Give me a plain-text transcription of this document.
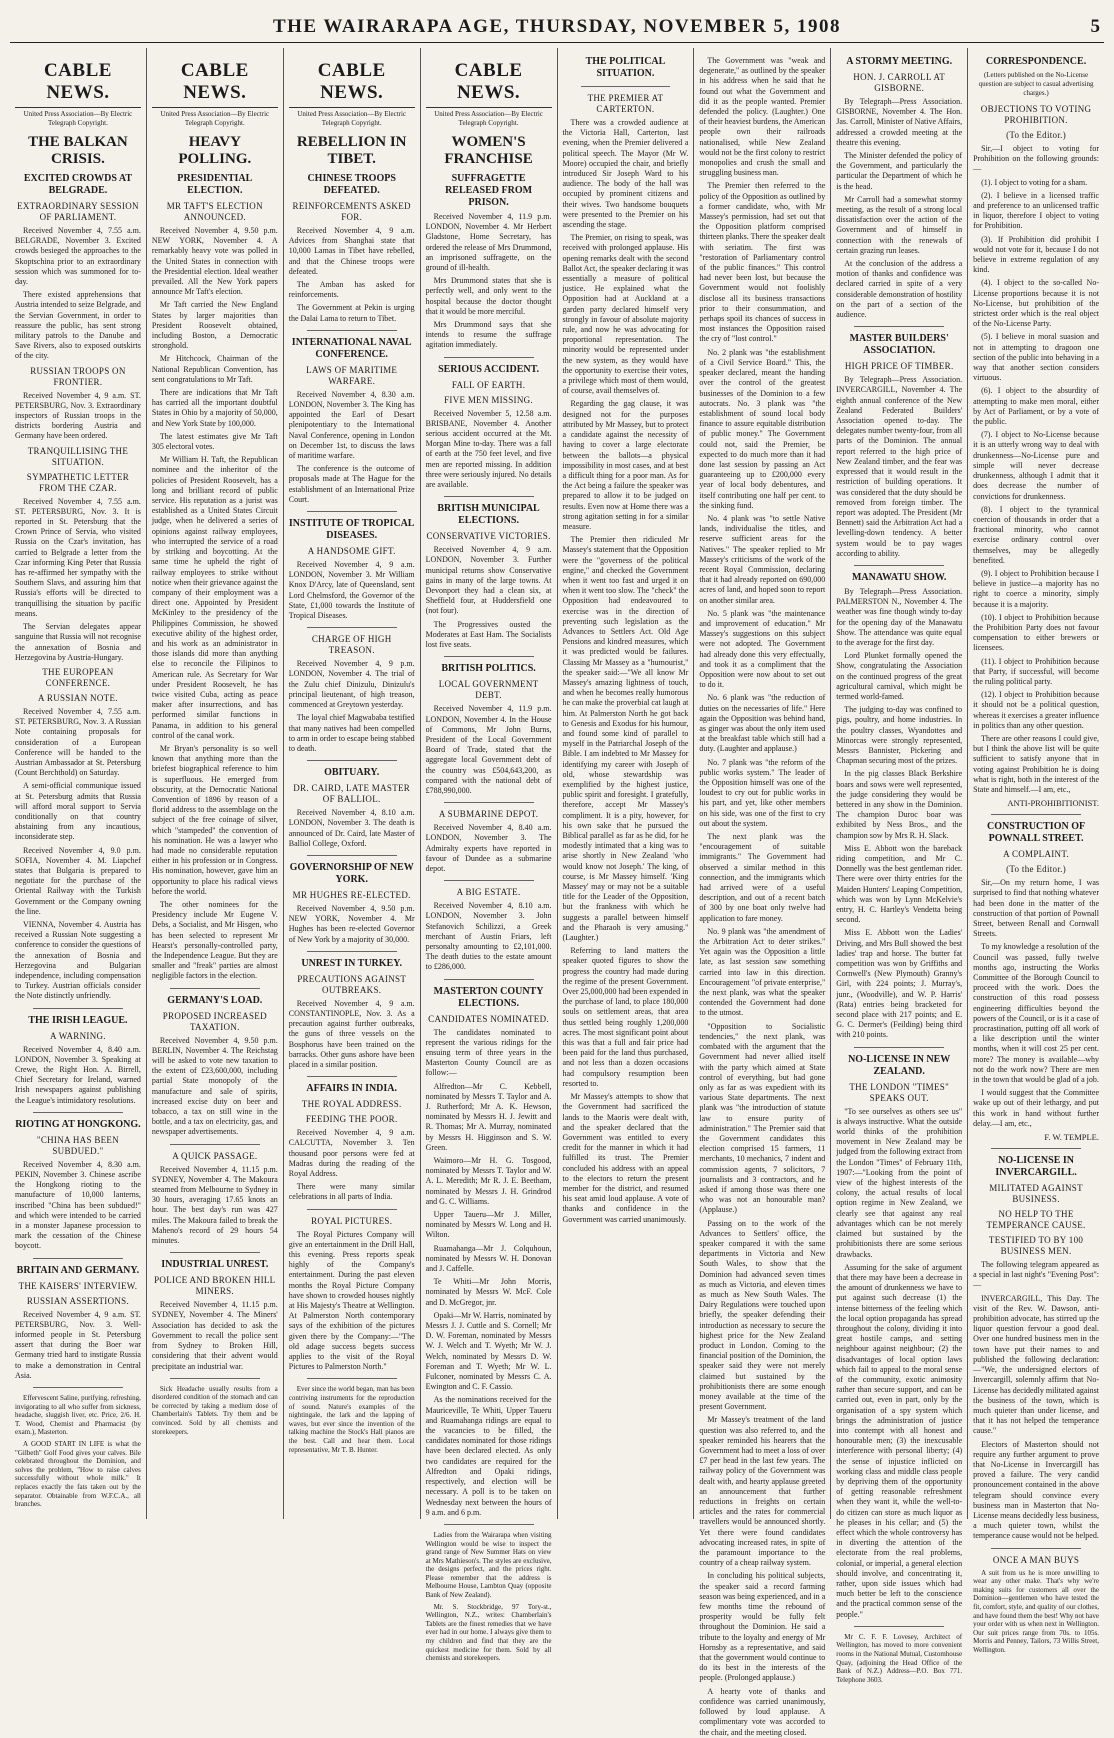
THE WAIRARAPA AGE, THURSDAY, NOVEMBER 5, 1908	5
CABLE NEWS.
United Press Association—By Electric Telegraph Copyright.
THE BALKAN CRISIS.
EXCITED CROWDS AT BELGRADE.
EXTRAORDINARY SESSION OF PARLIAMENT.

Received November 4, 7.55 a.m. BELGRADE, November 3. Excited crowds besieged the approaches to the Skoptschina prior to an extraordinary session which was summoned for to-day.

There existed apprehensions that Austria intended to seize Belgrade, and the Servian Government, in order to reassure the public, has sent strong military patrols to the Danube and Save Rivers, also to exposed outskirts of the city.

RUSSIAN TROOPS ON FRONTIER.

Received November 4, 9 a.m. ST. PETERSBURG, Nov. 3. Extraordinary inspectors of Russian troops in the districts bordering Austria and Germany have been ordered.

TRANQUILLISING THE SITUATION.
SYMPATHETIC LETTER FROM THE CZAR.

Received November 4, 7.55 a.m. ST. PETERSBURG, Nov. 3. It is reported in St. Petersburg that the Crown Prince of Servia, who visited Russia on the Czar's invitation, has carried to Belgrade a letter from the Czar informing King Peter that Russia has re-affirmed her sympathy with the Southern Slavs, and assuring him that Russia's efforts will be directed to tranquillising the situation by pacific means.

The Servian delegates appear sanguine that Russia will not recognise the annexation of Bosnia and Herzegovina by Austria-Hungary.

THE EUROPEAN CONFERENCE.
A RUSSIAN NOTE.

Received November 4, 7.55 a.m. ST. PETERSBURG, Nov. 3. A Russian Note containing proposals for consideration of a European Conference will be handed to the Austrian Ambassador at St. Petersburg (Count Berchthold) on Saturday.

A semi-official communique issued at St. Petersburg admits that Russia will afford moral support to Servia conditionally on that country abstaining from any incautious, inconsiderate step.

Received November 4, 9.0 p.m. SOFIA, November 4. M. Liapchef states that Bulgaria is prepared to negotiate for the purchase of the Oriental Railway with the Turkish Government or the Company owning the line.

VIENNA, November 4. Austria has received a Russian Note suggesting a conference to consider the questions of the annexation of Bosnia and Herzegovina and Bulgarian independence, including compensation to Turkey. Austrian officials consider the Note distinctly unfriendly.

THE IRISH LEAGUE.
A WARNING.

Received November 4, 8.40 a.m. LONDON, November 3. Speaking at Crewe, the Right Hon. A. Birrell, Chief Secretary for Ireland, warned Irish newspapers against publishing the League's intimidatory resolutions.

RIOTING AT HONGKONG.
"CHINA HAS BEEN SUBDUED."

Received November 4, 8.30 a.m. PEKIN, November 3. Chinese ascribe the Hongkong rioting to the manufacture of 10,000 lanterns, inscribed "China has been subdued!" and which were intended to be carried in a monster Japanese procession to mark the cessation of the Chinese boycott.

BRITAIN AND GERMANY.
THE KAISERS' INTERVIEW.
RUSSIAN ASSERTIONS.

Received November 4, 9 a.m. ST. PETERSBURG, Nov. 3. Well-informed people in St. Petersburg assert that during the Boer war Germany tried hard to instigate Russia to make a demonstration in Central Asia.

Effervescent Saline, purifying, refreshing, invigorating to all who suffer from sickness, headache, sluggish liver, etc. Price, 2/6. H. T. Wood, Chemist and Pharmacist (by exam.), Masterton.

A GOOD START IN LIFE is what the "Gilbeth" Golf Food gives your calves. Bile celebrated throughout the Dominion, and solves the problem, "How to raise calves successfully without whole milk." It replaces exactly the fats taken out by the separator. Obtainable from W.F.C.A., all branches.

CABLE NEWS.
United Press Association—By Electric Telegraph Copyright.
HEAVY POLLING.
PRESIDENTIAL ELECTION.
MR TAFT'S ELECTION ANNOUNCED.

Received November 4, 9.50 p.m. NEW YORK, November 4. A remarkably heavy vote was polled in the United States in connection with the Presidential election. Ideal weather prevailed. All the New York papers announce Mr Taft's election.

Mr Taft carried the New England States by larger majorities than President Roosevelt obtained, including Boston, a Democratic stronghold.

Mr Hitchcock, Chairman of the National Republican Convention, has sent congratulations to Mr Taft.

There are indications that Mr Taft has carried all the important doubtful States in Ohio by a majority of 50,000, and New York State by 100,000.

The latest estimates give Mr Taft 305 electoral votes.

Mr William H. Taft, the Republican nominee and the inheritor of the policies of President Roosevelt, has a long and brilliant record of public service. His reputation as a jurist was established as a United States Circuit judge, when he delivered a series of opinions against railway employees, who interrupted the service of a road by striking and boycotting. At the same time he upheld the right of railway employees to strike without notice when their grievance against the company of their employment was a direct one. Appointed by President McKinley to the presidency of the Philippines Commission, he showed executive ability of the highest order, and his work as an administrator in those islands did more than anything else to reconcile the Filipinos to American rule. As Secretary for War under President Roosevelt, he has twice visited Cuba, acting as peace maker after insurrections, and has performed similar functions in Panama, in addition to his general control of the canal work.

Mr Bryan's personality is so well known that anything more than the briefest biographical reference to him is superfluous. He emerged from obscurity, at the Democratic National Convention of 1896 by reason of a florid address to the assemblage on the subject of the free coinage of silver, which "stampeded" the convention of his nomination. He was a lawyer who had made no considerable reputation either in his profession or in Congress. His nomination, however, gave him an opportunity to place his radical views before the world.

The other nominees for the Presidency include Mr Eugene V. Debs, a Socialist, and Mr Hisgen, who has been selected to represent Mr Hearst's personally-controlled party, the Independence League. But they are smaller and "freak" parties are almost negligible factors in the election.

GERMANY'S LOAD.
PROPOSED INCREASED TAXATION.

Received November 4, 9.50 p.m. BERLIN, November 4. The Reichstag will be asked to vote new taxation to the extent of £23,600,000, including partial State monopoly of the manufacture and sale of spirits, increased excise duty on beer and tobacco, a tax on still wine in the bottle, and a tax on electricity, gas, and newspaper advertisements.

A QUICK PASSAGE.

Received November 4, 11.15 p.m. SYDNEY, November 4. The Makoura steamed from Melbourne to Sydney in 30 hours, averaging 17.65 knots an hour. The best day's run was 427 miles. The Makoura failed to break the Maheno's record of 29 hours 54 minutes.

INDUSTRIAL UNREST.
POLICE AND BROKEN HILL MINERS.

Received November 4, 11.15 p.m. SYDNEY, November 4. The Miners' Association has decided to ask the Government to recall the police sent from Sydney to Broken Hill, considering that their advent would precipitate an industrial war.

Sick Headache usually results from a disordered condition of the stomach and can be corrected by taking a medium dose of Chamberlain's Tablets. Try them and be convinced. Sold by all chemists and storekeepers.

CABLE NEWS.
United Press Association—By Electric Telegraph Copyright.
REBELLION IN TIBET.
CHINESE TROOPS DEFEATED.
REINFORCEMENTS ASKED FOR.

Received November 4, 9 a.m. Advices from Shanghai state that 10,000 Lamas in Tibet have rebelled, and that the Chinese troops were defeated.

The Amban has asked for reinforcements.

The Government at Pekin is urging the Dalai Lama to return to Tibet.

INTERNATIONAL NAVAL CONFERENCE.
LAWS OF MARITIME WARFARE.

Received November 4, 8.30 a.m. LONDON, November 3. The King has appointed the Earl of Desart plenipotentiary to the International Naval Conference, opening in London on December 1st, to discuss the laws of maritime warfare.

The conference is the outcome of proposals made at The Hague for the establishment of an International Prize Court.

INSTITUTE OF TROPICAL DISEASES.
A HANDSOME GIFT.

Received November 4, 9 a.m. LONDON, November 3. Mr William Knox D'Arcy, late of Queensland, sent Lord Chelmsford, the Governor of the State, £1,000 towards the Institute of Tropical Diseases.

CHARGE OF HIGH TREASON.

Received November 4, 9 p.m. LONDON, November 4. The trial of the Zulu chief Dinizulu, Dinizulu's principal lieutenant, of high treason, commenced at Greytown yesterday.

The loyal chief Magwababa testified that many natives had been compelled to arm in order to escape being stabbed to death.

OBITUARY.
DR. CAIRD, LATE MASTER OF BALLIOL.

Received November 4, 8.10 a.m. LONDON, November 3. The death is announced of Dr. Caird, late Master of Balliol College, Oxford.

GOVERNORSHIP OF NEW YORK.
MR HUGHES RE-ELECTED.

Received November 4, 9.50 p.m. NEW YORK, November 4. Mr Hughes has been re-elected Governor of New York by a majority of 30,000.

UNREST IN TURKEY.
PRECAUTIONS AGAINST OUTBREAKS.

Received November 4, 9 a.m. CONSTANTINOPLE, Nov. 3. As a precaution against further outbreaks, the guns of three vessels on the Bosphorus have been trained on the barracks. Other guns ashore have been placed in a similar position.

AFFAIRS IN INDIA.
THE ROYAL ADDRESS.
FEEDING THE POOR.

Received November 4, 9 a.m. CALCUTTA, November 3. Ten thousand poor persons were fed at Madras during the reading of the Royal Address.

There were many similar celebrations in all parts of India.

ROYAL PICTURES.

The Royal Pictures Company will give an entertainment in the Drill Hall, this evening. Press reports speak highly of the Company's entertainment. During the past eleven months the Royal Picture Company have shown to crowded houses nightly at His Majesty's Theatre at Wellington. At Palmerston North contemporary says of the exhibition of the pictures given there by the Company:—"The old adage success begets success applies to the visit of the Royal Pictures to Palmerston North."

Ever since the world began, man has been contriving instruments for the reproduction of sound. Nature's examples of the nightingale, the lark and the lapping of waves, but ever since the invention of the talking machine the Stock's Hall pianos are the best. Call and hear them. Local representative, Mr T. B. Hunter.

CABLE NEWS.
United Press Association—By Electric Telegraph Copyright.
WOMEN'S FRANCHISE
SUFFRAGETTE RELEASED FROM PRISON.

Received November 4, 11.9 p.m. LONDON, November 4. Mr Herbert Gladstone, Home Secretary, has ordered the release of Mrs Drummond, an imprisoned suffragette, on the ground of ill-health.

Mrs Drummond states that she is perfectly well, and only went to the hospital because the doctor thought that it would be more merciful.

Mrs Drummond says that she intends to resume the suffrage agitation immediately.

SERIOUS ACCIDENT.
FALL OF EARTH.
FIVE MEN MISSING.

Received November 5, 12.58 a.m. BRISBANE, November 4. Another serious accident occurred at the Mt. Morgan Mine to-day. There was a fall of earth at the 750 feet level, and five men are reported missing. In addition three were seriously injured. No details are available.

BRITISH MUNICIPAL ELECTIONS.
CONSERVATIVE VICTORIES.

Received November 4, 9 a.m. LONDON, November 3. Further municipal returns show Conservative gains in many of the large towns. At Devonport they had a clean six, at Sheffield four, at Huddersfield one (not four).

The Progressives ousted the Moderates at East Ham. The Socialists lost five seats.

BRITISH POLITICS.
LOCAL GOVERNMENT DEBT.

Received November 4, 11.9 p.m. LONDON, November 4. In the House of Commons, Mr John Burns, President of the Local Government Board of Trade, stated that the aggregate local Government debt of the country was £504,643,200, as compared with the national debt of £788,990,000.

A SUBMARINE DEPOT.

Received November 4, 8.40 a.m. LONDON, November 3. The Admiralty experts have reported in favour of Dundee as a submarine depot.

A BIG ESTATE.

Received November 4, 8.10 a.m. LONDON, November 3. John Stefanovich Schilizzi, a Greek merchant of Austin Friars, left personalty amounting to £2,101,000. The death duties to the estate amount to £286,000.

MASTERTON COUNTY ELECTIONS.
CANDIDATES NOMINATED.

The candidates nominated to represent the various ridings for the ensuing term of three years in the Masterton County Council are as follow:—

Alfredton—Mr C. Kebbell, nominated by Messrs T. Taylor and A. J. Rutherford; Mr A. K. Hewson, nominated by Messrs H. J. Jewitt and R. Thomas; Mr A. Murray, nominated by Messrs H. Higginson and S. W. Green.

Waimoro—Mr H. G. Tosgood, nominated by Messrs T. Taylor and W. A. L. Meredith; Mr R. J. E. Beetham, nominated by Messrs J. H. Grindrod and G. C. Williams.

Upper Taueru—Mr J. Miller, nominated by Messrs W. Long and H. Wilton.

Ruamahanga—Mr J. Colquhoun, nominated by Messrs W. H. Donovan and J. Caffelle.

Te Whiti—Mr John Morris, nominated by Messrs W. McF. Cole and D. McGregor, jnr.

Opaki—Mr W. Harris, nominated by Messrs J. J. Cuttle and S. Cornell; Mr D. W. Foreman, nominated by Messrs W. J. Welch and T. Wyeth; Mr W. J. Welch, nominated by Messrs D. W. Foreman and T. Wyeth; Mr W. L. Fulconer, nominated by Messrs C. A. Ewington and C. F. Cassio.

As the nominations received for the Mauriceville, Te Whiti, Upper Taueru and Ruamahanga ridings are equal to the vacancies to be filled, the candidates nominated for those ridings have been declared elected. As only two candidates are required for the Alfredton and Opaki ridings, respectively, and election will be necessary. A poll is to be taken on Wednesday next between the hours of 9 a.m. and 6 p.m.

Ladies from the Wairarapa when visiting Wellington would be wise to inspect the grand range of New Summer Hats on view at Mrs Mathieson's. The styles are exclusive, the designs perfect, and the prices right. Please remember that the address is Melbourne House, Lambton Quay (opposite Bank of New Zealand).

Mr. S. Stockbridge, 97 Tory-st., Wellington, N.Z., writes: Chamberlain's Tablets are the finest remedies that we have ever had in our home. I always give them to my children and find that they are the quickest medicine for them. Sold by all chemists and storekeepers.

THE POLITICAL SITUATION.
THE PREMIER AT CARTERTON.

There was a crowded audience at the Victoria Hall, Carterton, last evening, when the Premier delivered a political speech. The Mayor (Mr W. Moore) occupied the chair, and briefly introduced Sir Joseph Ward to his audience. The body of the hall was occupied by prominent citizens and their wives. Two handsome bouquets were presented to the Premier on his ascending the stage.

The Premier, on rising to speak, was received with prolonged applause. His opening remarks dealt with the second Ballot Act, the speaker declaring it was essentially a measure of political justice. He explained what the Opposition had at Auckland at a garden party declared himself very strongly in favour of absolute majority rule, and now he was advocating for proportional representation. The minority would be represented under the new system, as they would have the opportunity to exercise their votes, a privilege which most of them would, of course, avail themselves of.

Regarding the gag clause, it was designed not for the purposes attributed by Mr Massey, but to protect a candidate against the necessity of having to cover a large electorate between the ballots—a physical impossibility in most cases, and at best a difficult thing for a poor man. As for the Act being a failure the speaker was prepared to allow it to be judged on results. Even now at Home there was a strong agitation setting in for a similar measure.

The Premier then ridiculed Mr Massey's statement that the Opposition were the "governess of the political engine," and checked the Government when it went too fast and urged it on when it went too slow. The "check" the Opposition had endeavoured to exercise was in the direction of preventing such legislation as the Advances to Settlers Act. Old Age Pensions and kindred measures, which it was predicted would be failures. Classing Mr Massey as a "humourist," the speaker said:—"We all know Mr Massey's amazing lightness of touch, and when he becomes really humorous he can make the proverbial cat laugh at him. At Palmerston North he got back to Genesis and Exodus for his humour, and found some kind of parallel to myself in the Patriarchal Joseph of the Bible. I am indebted to Mr Massey for identifying my career with Joseph of old, whose stewardship was exemplified by the highest justice, public spirit and foresight. I gratefully, therefore, accept Mr Massey's compliment. It is a pity, however, for his own sake that he pursued the Biblical parallel as far as he did, for he modestly intimated that a king was to arise shortly in New Zealand 'who would know not Joseph.' The king, of course, is Mr Massey himself. 'King Massey' may or may not be a suitable title for the Leader of the Opposition, but the frankness with which he suggests a parallel between himself and the Pharaoh is very amusing." (Laughter.)

Referring to land matters the speaker quoted figures to show the progress the country had made during the regime of the present Government. Over 25,000,000 had been expended in the purchase of land, to place 180,000 souls on settlement areas, that area thus settled being roughly 1,200,000 acres. The most significant point about this was that a full and fair price had been paid for the land thus purchased, and not less than a dozen occasions had compulsory resumption been resorted to.

Mr Massey's attempts to show that the Government had sacrificed the lands to the Maoris were dealt with, and the speaker declared that the Government was entitled to every credit for the manner in which it had fulfilled its trust. The Premier concluded his address with an appeal to the electors to return the present member for the district, and resumed his seat amid loud applause. A vote of thanks and confidence in the Government was carried unanimously.

The Government was "weak and degenerate," as outlined by the speaker in his address when he said that he found out what the Government and did it as the people wanted. Premier defended the policy. (Laughter.) One of their heaviest burdens, the American people own their railroads nationalised, while New Zealand would not be the first colony to restrict monopolies and crush the small and struggling business man.

The Premier then referred to the policy of the Opposition as outlined by a former candidate, who, with Mr Massey's permission, had set out that the Opposition platform comprised thirteen planks. There the speaker dealt with seriatim. The first was "restoration of Parliamentary control of the public finances." This control had never been lost, but because the Government would not foolishly disclose all its business transactions prior to their consummation, and perhaps spoil its chances of success in most instances the Opposition raised the cry of "lost control."

No. 2 plank was "the establishment of a Civil Service Board." This, the speaker declared, meant the handing over the control of the greatest businesses of the Dominion to a few autocrats. No. 3 plank was "the establishment of sound local body finance to assure equitable distribution of public money." The Government could not, said the Premier, be expected to do much more than it had done last session by passing an Act guaranteeing up to £200,000 every year of local body debentures, and itself contributing one half per cent. to the sinking fund.

No. 4 plank was "to settle Native lands, individualise the titles, and reserve sufficient areas for the Natives." The speaker replied to Mr Massey's criticisms of the work of the recent Royal Commission, declaring that it had already reported on 690,000 acres of land, and hoped soon to report on another similar area.

No. 5 plank was "the maintenance and improvement of education." Mr Massey's suggestions on this subject were not adopted. The Government had already done this very effectually, and took it as a compliment that the Opposition were now about to set out to do it.

No. 6 plank was "the reduction of duties on the necessaries of life." Here again the Opposition was behind hand, as ginger was about the only item used at the breakfast table which still had a duty. (Laughter and applause.)

No. 7 plank was "the reform of the public works system." The leader of the Opposition himself was one of the loudest to cry out for public works in his part, and yet, like other members on his side, was one of the first to cry out about the system.

The next plank was the "encouragement of suitable immigrants." The Government had observed a similar method in this connection, and the immigrants which had arrived were of a useful description, and out of a recent batch of 300 by one boat only twelve had application to fare money.

No. 9 plank was "the amendment of the Arbitration Act to deter strikes." Yet again was the Opposition a little late, as last session saw something carried into law in this direction. Encouragement "of private enterprise," the next plank, was what the speaker contended the Government had done to the utmost.

"Opposition to Socialistic tendencies," the next plank, was combated with the argument that the Government had never allied itself with the party which aimed at State control of everything, but had gone only as far as was expedient with its various State departments. The next plank was "the introduction of statute law to ensure purity of administration." The Premier said that the Government candidates this election comprised 15 farmers, 11 merchants, 10 mechanics, 7 indent and commission agents, 7 solicitors, 7 journalists and 3 contractors, and he asked if among those was there one who was not an honourable man? (Applause.)

Passing on to the work of the Advances to Settlers' office, the speaker compared it with the same departments in Victoria and New South Wales, to show that the Dominion had advanced seven times as much as Victoria, and eleven times as much as New South Wales. The Dairy Regulations were touched upon briefly, the speaker defending their introduction as necessary to secure the highest price for the New Zealand product in London. Coming to the financial position of the Dominion, the speaker said they were not merely claimed but sustained by the prohibitionists there are some enough money available at the time of the present Government.

Mr Massey's treatment of the land question was also referred to, and the speaker reminded his hearers that the Government had to meet a loss of over £7 per head in the last few years. The railway policy of the Government was dealt with, and hearty applause greeted an announcement that further reductions in freights on certain articles and the rates for commercial travellers would be announced shortly. Yet there were found candidates advocating increased rates, in spite of the paramount importance to the country of a cheap railway system.

In concluding his political subjects, the speaker said a record farming season was being experienced, and in a few months time the rebound of prosperity would be fully felt throughout the Dominion. He said a tribute to the loyalty and energy of Mr Hornsby as a representative, and said that the government would continue to do its best in the interests of the people. (Prolonged applause.)

A hearty vote of thanks and confidence was carried unanimously, followed by loud applause. A complimentary vote was accorded to the chair, and the meeting closed.

A STORMY MEETING.
HON. J. CARROLL AT GISBORNE.

By Telegraph—Press Association. GISBORNE, November 4. The Hon. Jas. Carroll, Minister of Native Affairs, addressed a crowded meeting at the theatre this evening.

The Minister defended the policy of the Government, and particularly the particular the Department of which he is the head.

Mr Carroll had a somewhat stormy meeting, as the result of a strong local dissatisfaction over the action of the Government and of himself in connection with the renewals of certain grazing run leases.

At the conclusion of the address a motion of thanks and confidence was declared carried in spite of a very considerable demonstration of hostility on the part of a section of the audience.

MASTER BUILDERS' ASSOCIATION.
HIGH PRICE OF TIMBER.

By Telegraph—Press Association. INVERCARGILL, November 4. The eighth annual conference of the New Zealand Federated Builders' Association opened to-day. The delegates number twenty-four, from all parts of the Dominion. The annual report referred to the high price of New Zealand timber, and the fear was expressed that it would result in the restriction of building operations. It was considered that the duty should be removed from foreign timber. The report was adopted. The President (Mr Bennett) said the Arbitration Act had a levelling-down tendency. A better system would be to pay wages according to ability.

MANAWATU SHOW.

By Telegraph—Press Association. PALMERSTON N., November 4. The weather was fine though windy to-day for the opening day of the Manawatu Show. The attendance was quite equal to the average for the first day.

Lord Plunket formally opened the Show, congratulating the Association on the continued progress of the great agricultural carnival, which might be termed world-famed.

The judging to-day was confined to pigs, poultry, and home industries. In the poultry classes, Wyandottes and Minorcas were strongly represented, Messrs Bannister, Pickering and Chapman securing most of the prizes.

In the pig classes Black Berkshire boars and sows were well represented, the judge considering they would be bettered in any show in the Dominion. The champion Duroc boar was exhibited by Ness Bros., and the champion sow by Mrs R. H. Slack.

Miss E. Abbott won the bareback riding competition, and Mr C. Donnelly was the best gentleman rider. There were over thirty entries for the Maiden Hunters' Leaping Competition, which was won by Lynn McKelvie's entry, H. C. Hartley's Vendetta being second.

Miss E. Abbott won the Ladies' Driving, and Mrs Bull showed the best ladies' trap and horse. The butter fat competition was won by Griffiths and Cornwell's (New Plymouth) Granny's Girl, with 224 points; J. Murray's, junr., (Woodville), and W. P. Harris' (Rata) entries being bracketed for second place with 217 points; and E. G. C. Dermer's (Feilding) being third with 210 points.

NO-LICENSE IN NEW ZEALAND.
THE LONDON "TIMES" SPEAKS OUT.

"To see ourselves as others see us" is always instructive. What the outside world thinks of the prohibition movement in New Zealand may be judged from the following extract from the London "Times" of February 11th, 1907:—"Looking from the point of view of the highest interests of the colony, the actual results of local option regime in New Zealand, we clearly see that against any real advantages which can be not merely claimed but sustained by the prohibitionists there are some serious drawbacks.

Assuming for the sake of argument that there may have been a decrease in the amount of drunkenness we have to put against such decrease (1) the intense bitterness of the feeling which the local option propaganda has spread throughout the colony, dividing it into great hostile camps, and setting neighbour against neighbour; (2) the disadvantages of local option laws which fail to appeal to the moral sense of the community, exotic animosity rather than secure support, and can be carried out, even in part, only by the organisation of a spy system which brings the administration of justice into contempt with all honest and honourable men; (3) the inexcusable interference with personal liberty; (4) the sense of injustice inflicted on working class and middle class people by depriving them of the opportunity of getting reasonable refreshment when they want it, while the well-to-do citizen can store as much liquor as he pleases in his cellar; and (5) the effect which the whole controversy has in diverting the attention of the electorate from the real problems, colonial, or imperial, a general election should involve, and concentrating it, rather, upon side issues which had much better be left to the conscience and the practical common sense of the people."

Mr C. F. F. Lovesey, Architect of Wellington, has moved to more convenient rooms in the National Mutual, Customhouse Quay, (adjoining the Head Office of the Bank of N.Z.) Address—P.O. Box 771. Telephone 3603.

CORRESPONDENCE.
(Letters published on the No-License question are subject to casual advertising charges.)
OBJECTIONS TO VOTING PROHIBITION.
(To the Editor.)

Sir,—I object to voting for Prohibition on the following grounds:—

(1). I object to voting for a sham.

(2). I believe in a licensed traffic and preference to an unlicensed traffic in liquor, therefore I object to voting for Prohibition.

(3). If Prohibition did prohibit I would not vote for it, because I do not believe in extreme regulation of any kind.

(4). I object to the so-called No-License proportions because it is not No-License, but prohibition of the strictest order which is the real object of the No-License Party.

(5). I believe in moral suasion and not in attempting to dragoon one section of the public into behaving in a way that another section considers virtuous.

(6). I object to the absurdity of attempting to make men moral, either by Act of Parliament, or by a vote of the public.

(7). I object to No-License because it is an utterly wrong way to deal with drunkenness—No-License pure and simple will never decrease drunkenness, although I admit that it does decrease the number of convictions for drunkenness.

(8). I object to the tyrannical coercion of thousands in order that a fractional minority, who cannot exercise ordinary control over themselves, may be allegedly benefited.

(9). I object to Prohibition because I believe in justice—a majority has no right to coerce a minority, simply because it is a majority.

(10). I object to Prohibition because the Prohibition Party does not favour compensation to either brewers or licensees.

(11). I object to Prohibition because that Party, if successful, will become the ruling political party.

(12). I object to Prohibition because it should not be a political question, whereas it exercises a greater influence in politics than any other question.

There are other reasons I could give, but I think the above list will be quite sufficient to satisfy anyone that in voting against Prohibition he is doing what is right, both in the interest of the State and himself.—I am, etc.,

ANTI-PROHIBITIONIST.
CONSTRUCTION OF POWNALL STREET.
A COMPLAINT.
(To the Editor.)

Sir,—On my return home, I was surprised to find that nothing whatever had been done in the matter of the construction of that portion of Pownall Street, between Renall and Cornwall Streets.

To my knowledge a resolution of the Council was passed, fully twelve months ago, instructing the Works Committee of the Borough Council to proceed with the work. Does the construction of this road possess engineering difficulties beyond the powers of the Council, or is it a case of procrastination, putting off all work of a like description until the winter months, when it will cost 25 per cent. more? The money is available—why not do the work now? There are men in the town that would be glad of a job.

I would suggest that the Committee wake up out of their lethargy, and put this work in hand without further delay.—I am, etc.,

F. W. TEMPLE.
NO-LICENSE IN INVERCARGILL.
MILITATED AGAINST BUSINESS.
NO HELP TO THE TEMPERANCE CAUSE.
TESTIFIED TO BY 100 BUSINESS MEN.

The following telegram appeared as a special in last night's "Evening Post":—

INVERCARGILL, This Day. The visit of the Rev. W. Dawson, anti-prohibition advocate, has stirred up the liquor question fervour a good deal. Over one hundred business men in the town have put their names to and published the following declaration:—"We, the undersigned electors of Invercargill, solemnly affirm that No-License has decidedly militated against the business of the town, which is much quieter than under license, and that it has not helped the temperance cause."

Electors of Masterton should not require any further argument to prove that No-License in Invercargill has proved a failure. The very candid pronouncement contained in the above telegram should convince every business man in Masterton that No-License means decidedly less business, a much quieter town, whilst the temperance cause would not be helped.

ONCE A MAN BUYS

A suit from us he is more unwilling to wear any other make. That's why we're making suits for customers all over the Dominion—gentlemen who have tested the fit, comfort, style, and quality of our clothes, and have found them the best! Why not have your order with us when next in Wellington. Our suit prices range from 70s. to 105s. Morris and Penney, Tailors, 73 Willis Street, Wellington.
